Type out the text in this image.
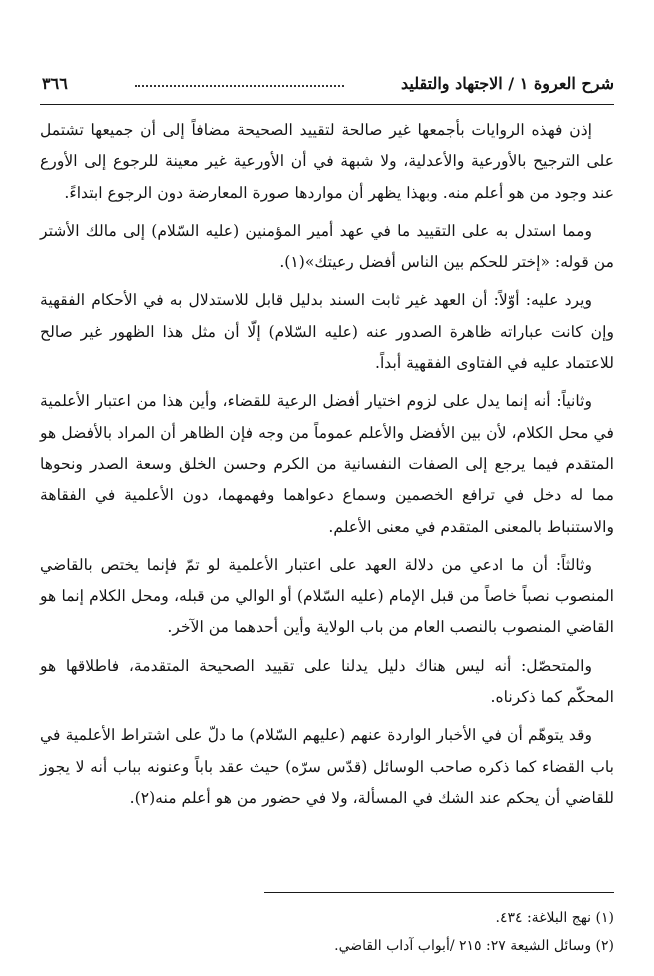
شرح العروة ١ / الاجتهاد والتقليد
٣٦٦

إذن فهذه الروايات بأجمعها غير صالحة لتقييد الصحيحة مضافاً إلى أن جميعها تشتمل على الترجيح بالأورعية والأعدلية، ولا شبهة في أن الأورعية غير معينة للرجوع إلى الأورع عند وجود من هو أعلم منه. وبهذا يظهر أن مواردها صورة المعارضة دون الرجوع ابتداءً.

ومما استدل به على التقييد ما في عهد أمير المؤمنين (عليه السّلام) إلى مالك الأشتر من قوله: «إختر للحكم بين الناس أفضل رعيتك»(١).

ويرد عليه: أوّلاً: أن العهد غير ثابت السند بدليل قابل للاستدلال به في الأحكام الفقهية وإن كانت عباراته ظاهرة الصدور عنه (عليه السّلام) إلّا أن مثل هذا الظهور غير صالح للاعتماد عليه في الفتاوى الفقهية أبداً.

وثانياً: أنه إنما يدل على لزوم اختيار أفضل الرعية للقضاء، وأين هذا من اعتبار الأعلمية في محل الكلام، لأن بين الأفضل والأعلم عموماً من وجه فإن الظاهر أن المراد بالأفضل هو المتقدم فيما يرجع إلى الصفات النفسانية من الكرم وحسن الخلق وسعة الصدر ونحوها مما له دخل في ترافع الخصمين وسماع دعواهما وفهمهما، دون الأعلمية في الفقاهة والاستنباط بالمعنى المتقدم في معنى الأعلم.

وثالثاً: أن ما ادعي من دلالة العهد على اعتبار الأعلمية لو تمّ فإنما يختص بالقاضي المنصوب نصباً خاصاً من قبل الإمام (عليه السّلام) أو الوالي من قبله، ومحل الكلام إنما هو القاضي المنصوب بالنصب العام من باب الولاية وأين أحدهما من الآخر.

والمتحصّل: أنه ليس هناك دليل يدلنا على تقييد الصحيحة المتقدمة، فاطلاقها هو المحكّم كما ذكرناه.

وقد يتوهّم أن في الأخبار الواردة عنهم (عليهم السّلام) ما دلّ على اشتراط الأعلمية في باب القضاء كما ذكره صاحب الوسائل (قدّس سرّه) حيث عقد باباً وعنونه بباب أنه لا يجوز للقاضي أن يحكم عند الشك في المسألة، ولا في حضور من هو أعلم منه(٢).

(١) نهج البلاغة: ٤٣٤.
(٢) وسائل الشيعة ٢٧: ٢١٥ /أبواب آداب القاضي.
